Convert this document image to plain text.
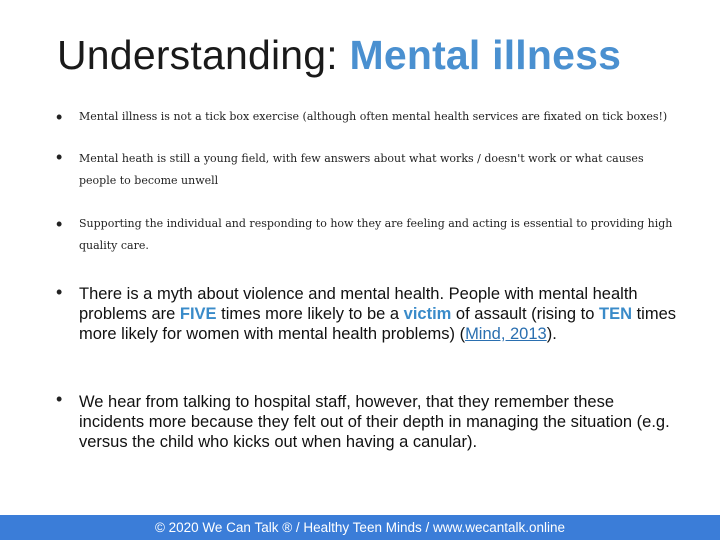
Understanding: Mental illness
• Mental illness is not a tick box exercise (although often mental health services are fixated on tick boxes!)
• Mental heath is still a young field, with few answers about what works / doesn't work or what causes people to become unwell
• Supporting the individual and responding to how they are feeling and acting is essential to providing high quality care.
• There is a myth about violence and mental health. People with mental health problems are FIVE times more likely to be a victim of assault (rising to TEN times more likely for women with mental health problems) (Mind, 2013).
• We hear from talking to hospital staff, however, that they remember these incidents more because they felt out of their depth in managing the situation (e.g. versus the child who kicks out when having a canular).
© 2020 We Can Talk ® / Healthy Teen Minds / www.wecantalk.online
